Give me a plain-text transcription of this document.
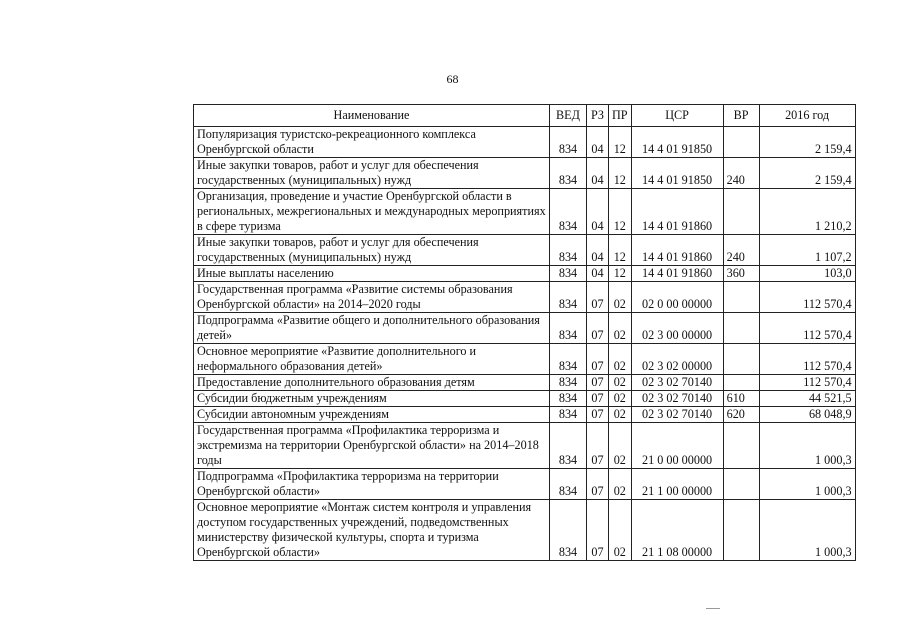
68
Наименование	ВЕД	РЗ	ПР	ЦСР	ВР	2016 год
Популяризация туристско-рекреационного комплекса Оренбургской области	834	04	12	14 4 01 91850		2 159,4
Иные закупки товаров, работ и услуг для обеспечения государственных (муниципальных) нужд	834	04	12	14 4 01 91850	240	2 159,4
Организация, проведение и участие Оренбургской области в региональных, межрегиональных и международных мероприятиях в сфере туризма	834	04	12	14 4 01 91860		1 210,2
Иные закупки товаров, работ и услуг для обеспечения государственных (муниципальных) нужд	834	04	12	14 4 01 91860	240	1 107,2
Иные выплаты населению	834	04	12	14 4 01 91860	360	103,0
Государственная программа «Развитие системы образования Оренбургской области» на 2014–2020 годы	834	07	02	02 0 00 00000		112 570,4
Подпрограмма «Развитие общего и дополнительного образования детей»	834	07	02	02 3 00 00000		112 570,4
Основное мероприятие «Развитие дополнительного и неформального образования детей»	834	07	02	02 3 02 00000		112 570,4
Предоставление дополнительного образования детям	834	07	02	02 3 02 70140		112 570,4
Субсидии бюджетным учреждениям	834	07	02	02 3 02 70140	610	44 521,5
Субсидии автономным учреждениям	834	07	02	02 3 02 70140	620	68 048,9
Государственная программа «Профилактика терроризма и экстремизма на территории Оренбургской области» на 2014–2018 годы	834	07	02	21 0 00 00000		1 000,3
Подпрограмма «Профилактика терроризма на территории Оренбургской области»	834	07	02	21 1 00 00000		1 000,3
Основное мероприятие «Монтаж систем контроля и управления доступом государственных учреждений, подведомственных министерству физической культуры, спорта и туризма Оренбургской области»	834	07	02	21 1 08 00000		1 000,3
